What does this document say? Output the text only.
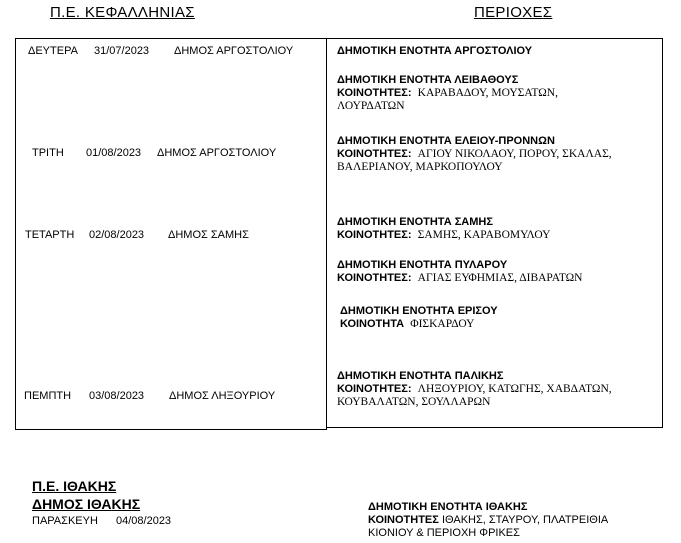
Π.Ε. ΚΕΦΑΛΛΗΝΙΑΣ	ΠΕΡΙΟΧΕΣ
ΔΕΥΤΕΡΑ 31/07/2023 ΔΗΜΟΣ ΑΡΓΟΣΤΟΛΙΟΥ
ΤΡΙΤΗ 01/08/2023 ΔΗΜΟΣ ΑΡΓΟΣΤΟΛΙΟΥ
ΤΕΤΑΡΤΗ 02/08/2023 ΔΗΜΟΣ ΣΑΜΗΣ
ΠΕΜΠΤΗ 03/08/2023 ΔΗΜΟΣ ΛΗΞΟΥΡΙΟΥ
ΔΗΜΟΤΙΚΗ ΕΝΟΤΗΤΑ ΑΡΓΟΣΤΟΛΙΟΥ
ΔΗΜΟΤΙΚΗ ΕΝΟΤΗΤΑ ΛΕΙΒΑΘΟΥΣ
ΚΟΙΝΟΤΗΤΕΣ: ΚΑΡΑΒΑΔΟΥ, ΜΟΥΣΑΤΩΝ,
ΛΟΥΡΔΑΤΩΝ
ΔΗΜΟΤΙΚΗ ΕΝΟΤΗΤΑ ΕΛΕΙΟΥ-ΠΡΟΝΝΩΝ
ΚΟΙΝΟΤΗΤΕΣ: ΑΓΙΟΥ ΝΙΚΟΛΑΟΥ, ΠΟΡΟΥ, ΣΚΑΛΑΣ,
ΒΑΛΕΡΙΑΝΟΥ, ΜΑΡΚΟΠΟΥΛΟΥ
ΔΗΜΟΤΙΚΗ ΕΝΟΤΗΤΑ ΣΑΜΗΣ
ΚΟΙΝΟΤΗΤΕΣ: ΣΑΜΗΣ, ΚΑΡΑΒΟΜΥΛΟΥ
ΔΗΜΟΤΙΚΗ ΕΝΟΤΗΤΑ ΠΥΛΑΡΟΥ
ΚΟΙΝΟΤΗΤΕΣ: ΑΓΙΑΣ ΕΥΦΗΜΙΑΣ, ΔΙΒΑΡΑΤΩΝ
ΔΗΜΟΤΙΚΗ ΕΝΟΤΗΤΑ ΕΡΙΣΟΥ
ΚΟΙΝΟΤΗΤΑ ΦΙΣΚΑΡΔΟΥ
ΔΗΜΟΤΙΚΗ ΕΝΟΤΗΤΑ ΠΑΛΙΚΗΣ
ΚΟΙΝΟΤΗΤΕΣ: ΛΗΞΟΥΡΙΟΥ, ΚΑΤΩΓΗΣ, ΧΑΒΔΑΤΩΝ,
ΚΟΥΒΑΛΑΤΩΝ, ΣΟΥΛΛΑΡΩΝ
Π.Ε. ΙΘΑΚΗΣ
ΔΗΜΟΣ ΙΘΑΚΗΣ
ΠΑΡΑΣΚΕΥΗ 04/08/2023
ΔΗΜΟΤΙΚΗ ΕΝΟΤΗΤΑ ΙΘΑΚΗΣ
ΚΟΙΝΟΤΗΤΕΣ ΙΘΑΚΗΣ, ΣΤΑΥΡΟΥ, ΠΛΑΤΡΕΙΘΙΑ
ΚΙΟΝΙΟΥ & ΠΕΡΙΟΧΗ ΦΡΙΚΕΣ
